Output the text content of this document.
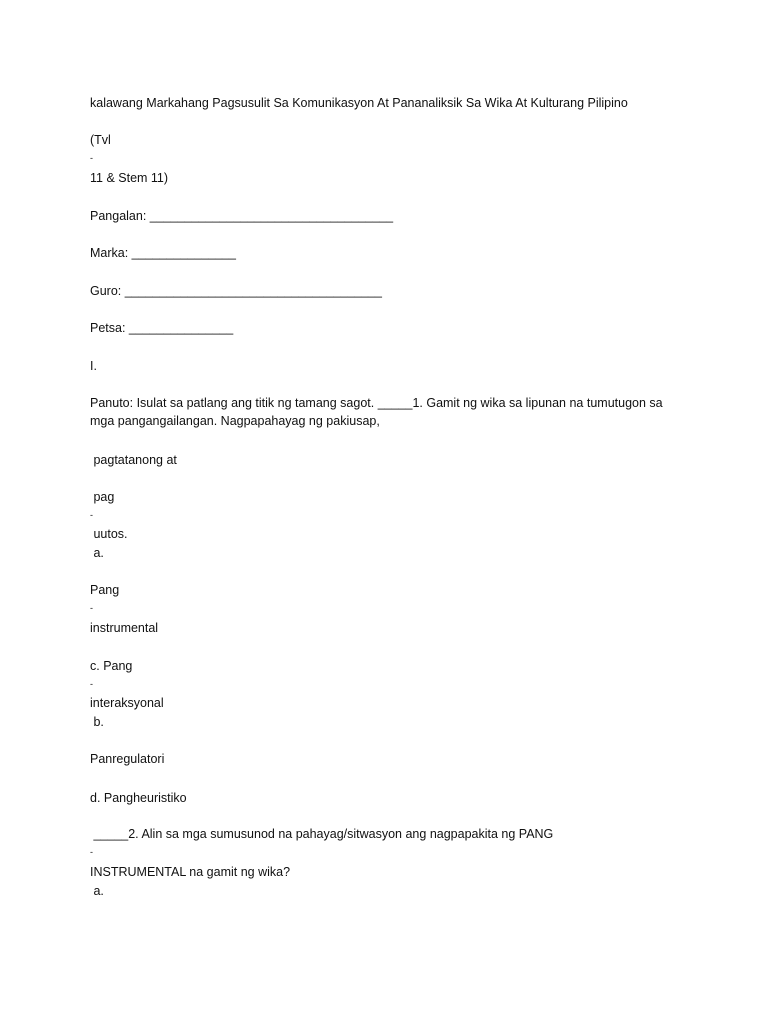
kalawang Markahang Pagsusulit Sa Komunikasyon At Pananaliksik Sa Wika At Kulturang Pilipino

(Tvl

-

11 & Stem 11)

Pangalan: ___________________________________

Marka: _______________

Guro: _____________________________________

Petsa: _______________

I.

Panuto: Isulat sa patlang ang titik ng tamang sagot. _____1. Gamit ng wika sa lipunan na tumutugon sa

mga pangangailangan. Nagpapahayag ng pakiusap,

pagtatanong at

pag

-

uutos.

a.

Pang

-

instrumental

c. Pang

-

interaksyonal

b.

Panregulatori

d. Pangheuristiko

_____2. Alin sa mga sumusunod na pahayag/sitwasyon ang nagpapakita ng PANG

-

INSTRUMENTAL na gamit ng wika?

a.
